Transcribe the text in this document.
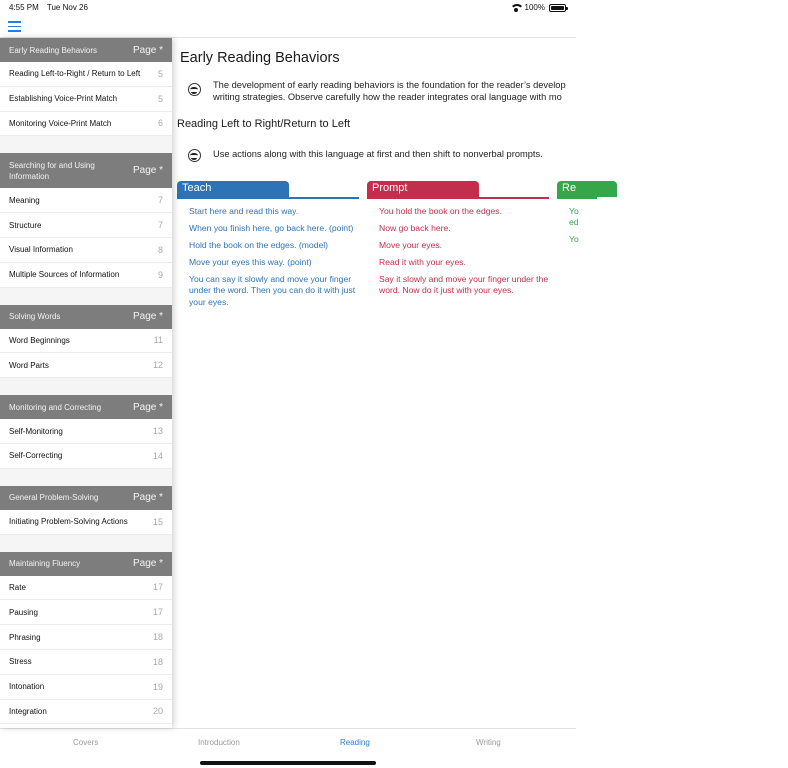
4:55 PM Tue Nov 26	100%
Early Reading Behaviors	Page *
Reading Left-to-Right / Return to Left 5
Establishing Voice-Print Match	5
Monitoring Voice-Print Match	6
Searching for and Using Information	Page *
Meaning	7
Structure	7
Visual Information	8
Multiple Sources of Information	9
Solving Words	Page *
Word Beginnings	11
Word Parts	12
Monitoring and Correcting	Page *
Self-Monitoring	13
Self-Correcting	14
General Problem-Solving	Page *
Initiating Problem-Solving Actions	15
Maintaining Fluency	Page *
Rate	17
Pausing	17
Phrasing	18
Stress	18
Intonation	19
Integration	20
Early Reading Behaviors
The development of early reading behaviors is the foundation for the reader’s develop
writing strategies. Observe carefully how the reader integrates oral language with mo
Reading Left to Right/Return to Left
Use actions along with this language at first and then shift to nonverbal prompts.
Teach
Start here and read this way.
When you finish here, go back here. (point)
Hold the book on the edges. (model)
Move your eyes this way. (point)
You can say it slowly and move your finger under the word. Then you can do it with just your eyes.
Prompt
You hold the book on the edges.
Now go back here.
Move your eyes.
Read it with your eyes.
Say it slowly and move your finger under the word. Now do it just with your eyes.
Re
Yo
ed
Yo
Covers	Introduction	Reading	Writing
